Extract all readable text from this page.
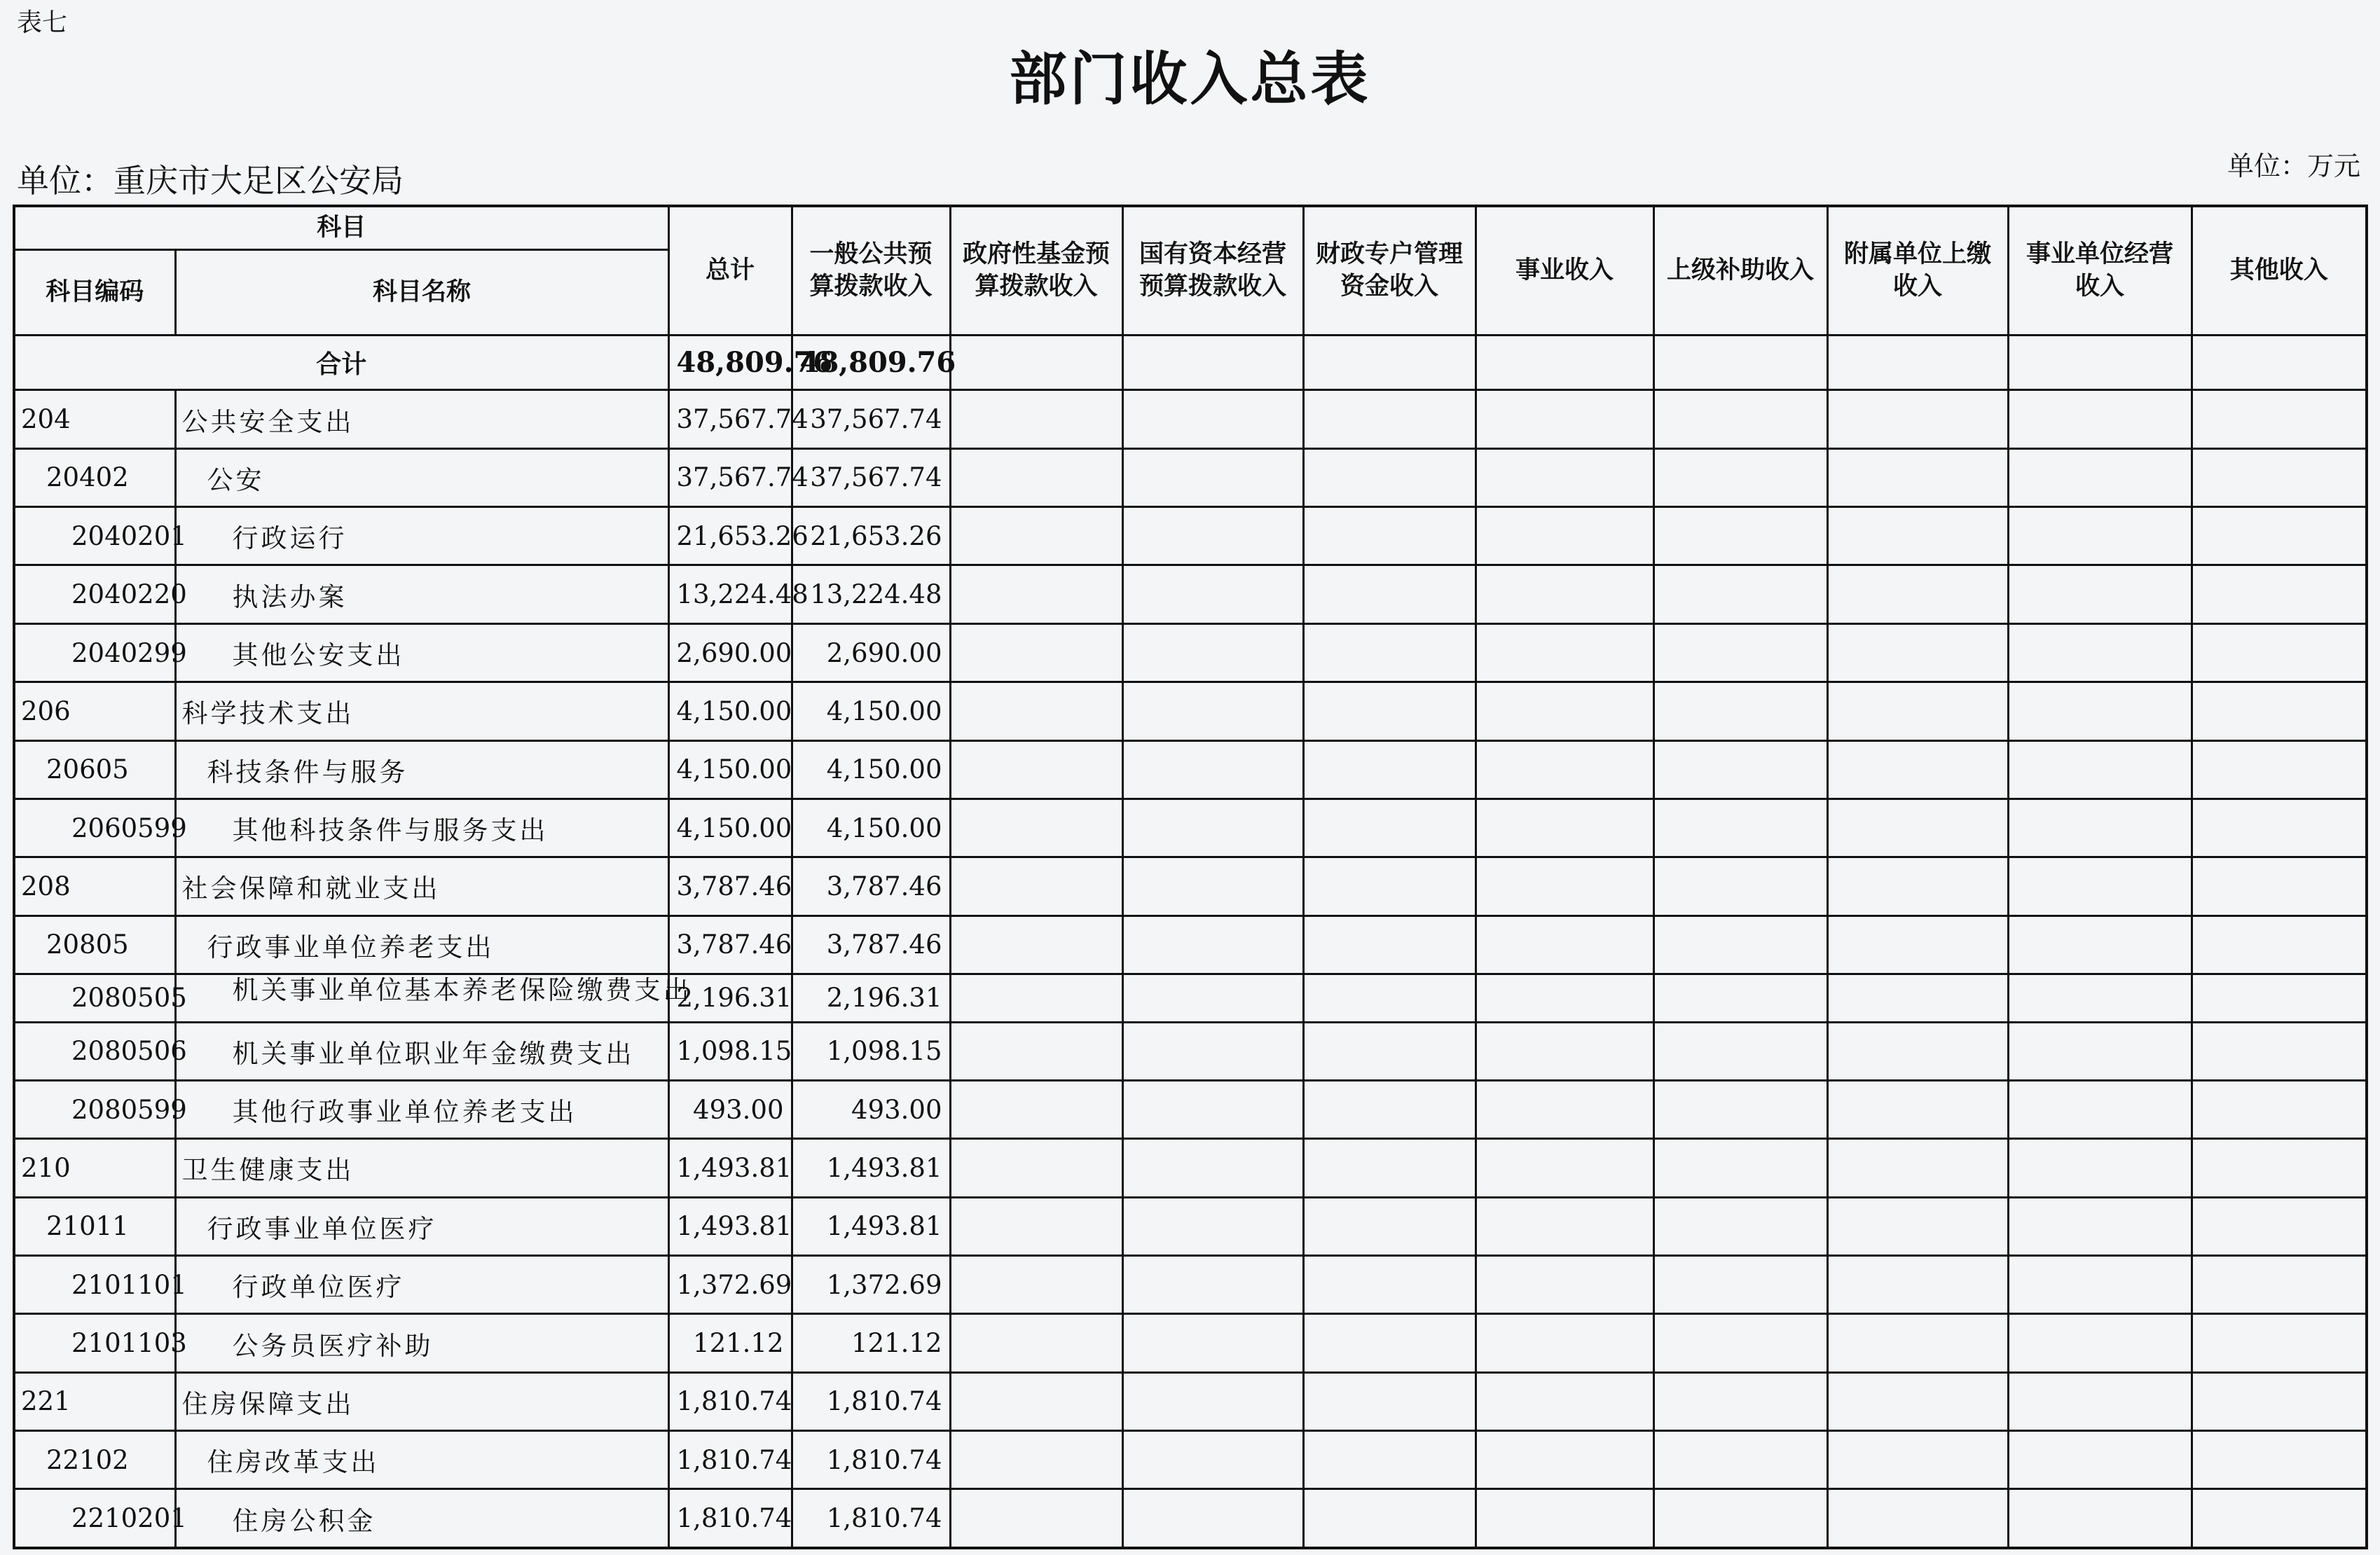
表七
部门收入总表
单位：重庆市大足区公安局	单位：万元
科目		总计	一般公共预算拨款收入	政府性基金预算拨款收入	国有资本经营预算拨款收入	财政专户管理资金收入	事业收入	上级补助收入	附属单位上缴收入	事业单位经营收入	其他收入
科目编码	科目名称										
合计		48,809.76	48,809.76								
204	公共安全支出	37,567.74	37,567.74								
20402	公安	37,567.74	37,567.74								
2040201	行政运行	21,653.26	21,653.26								
2040220	执法办案	13,224.48	13,224.48								
2040299	其他公安支出	2,690.00	2,690.00								
206	科学技术支出	4,150.00	4,150.00								
20605	科技条件与服务	4,150.00	4,150.00								
2060599	其他科技条件与服务支出	4,150.00	4,150.00								
208	社会保障和就业支出	3,787.46	3,787.46								
20805	行政事业单位养老支出	3,787.46	3,787.46								
2080505	机关事业单位基本养老保险缴费支出	2,196.31	2,196.31								
2080506	机关事业单位职业年金缴费支出	1,098.15	1,098.15								
2080599	其他行政事业单位养老支出	493.00	493.00								
210	卫生健康支出	1,493.81	1,493.81								
21011	行政事业单位医疗	1,493.81	1,493.81								
2101101	行政单位医疗	1,372.69	1,372.69								
2101103	公务员医疗补助	121.12	121.12								
221	住房保障支出	1,810.74	1,810.74								
22102	住房改革支出	1,810.74	1,810.74								
2210201	住房公积金	1,810.74	1,810.74								
